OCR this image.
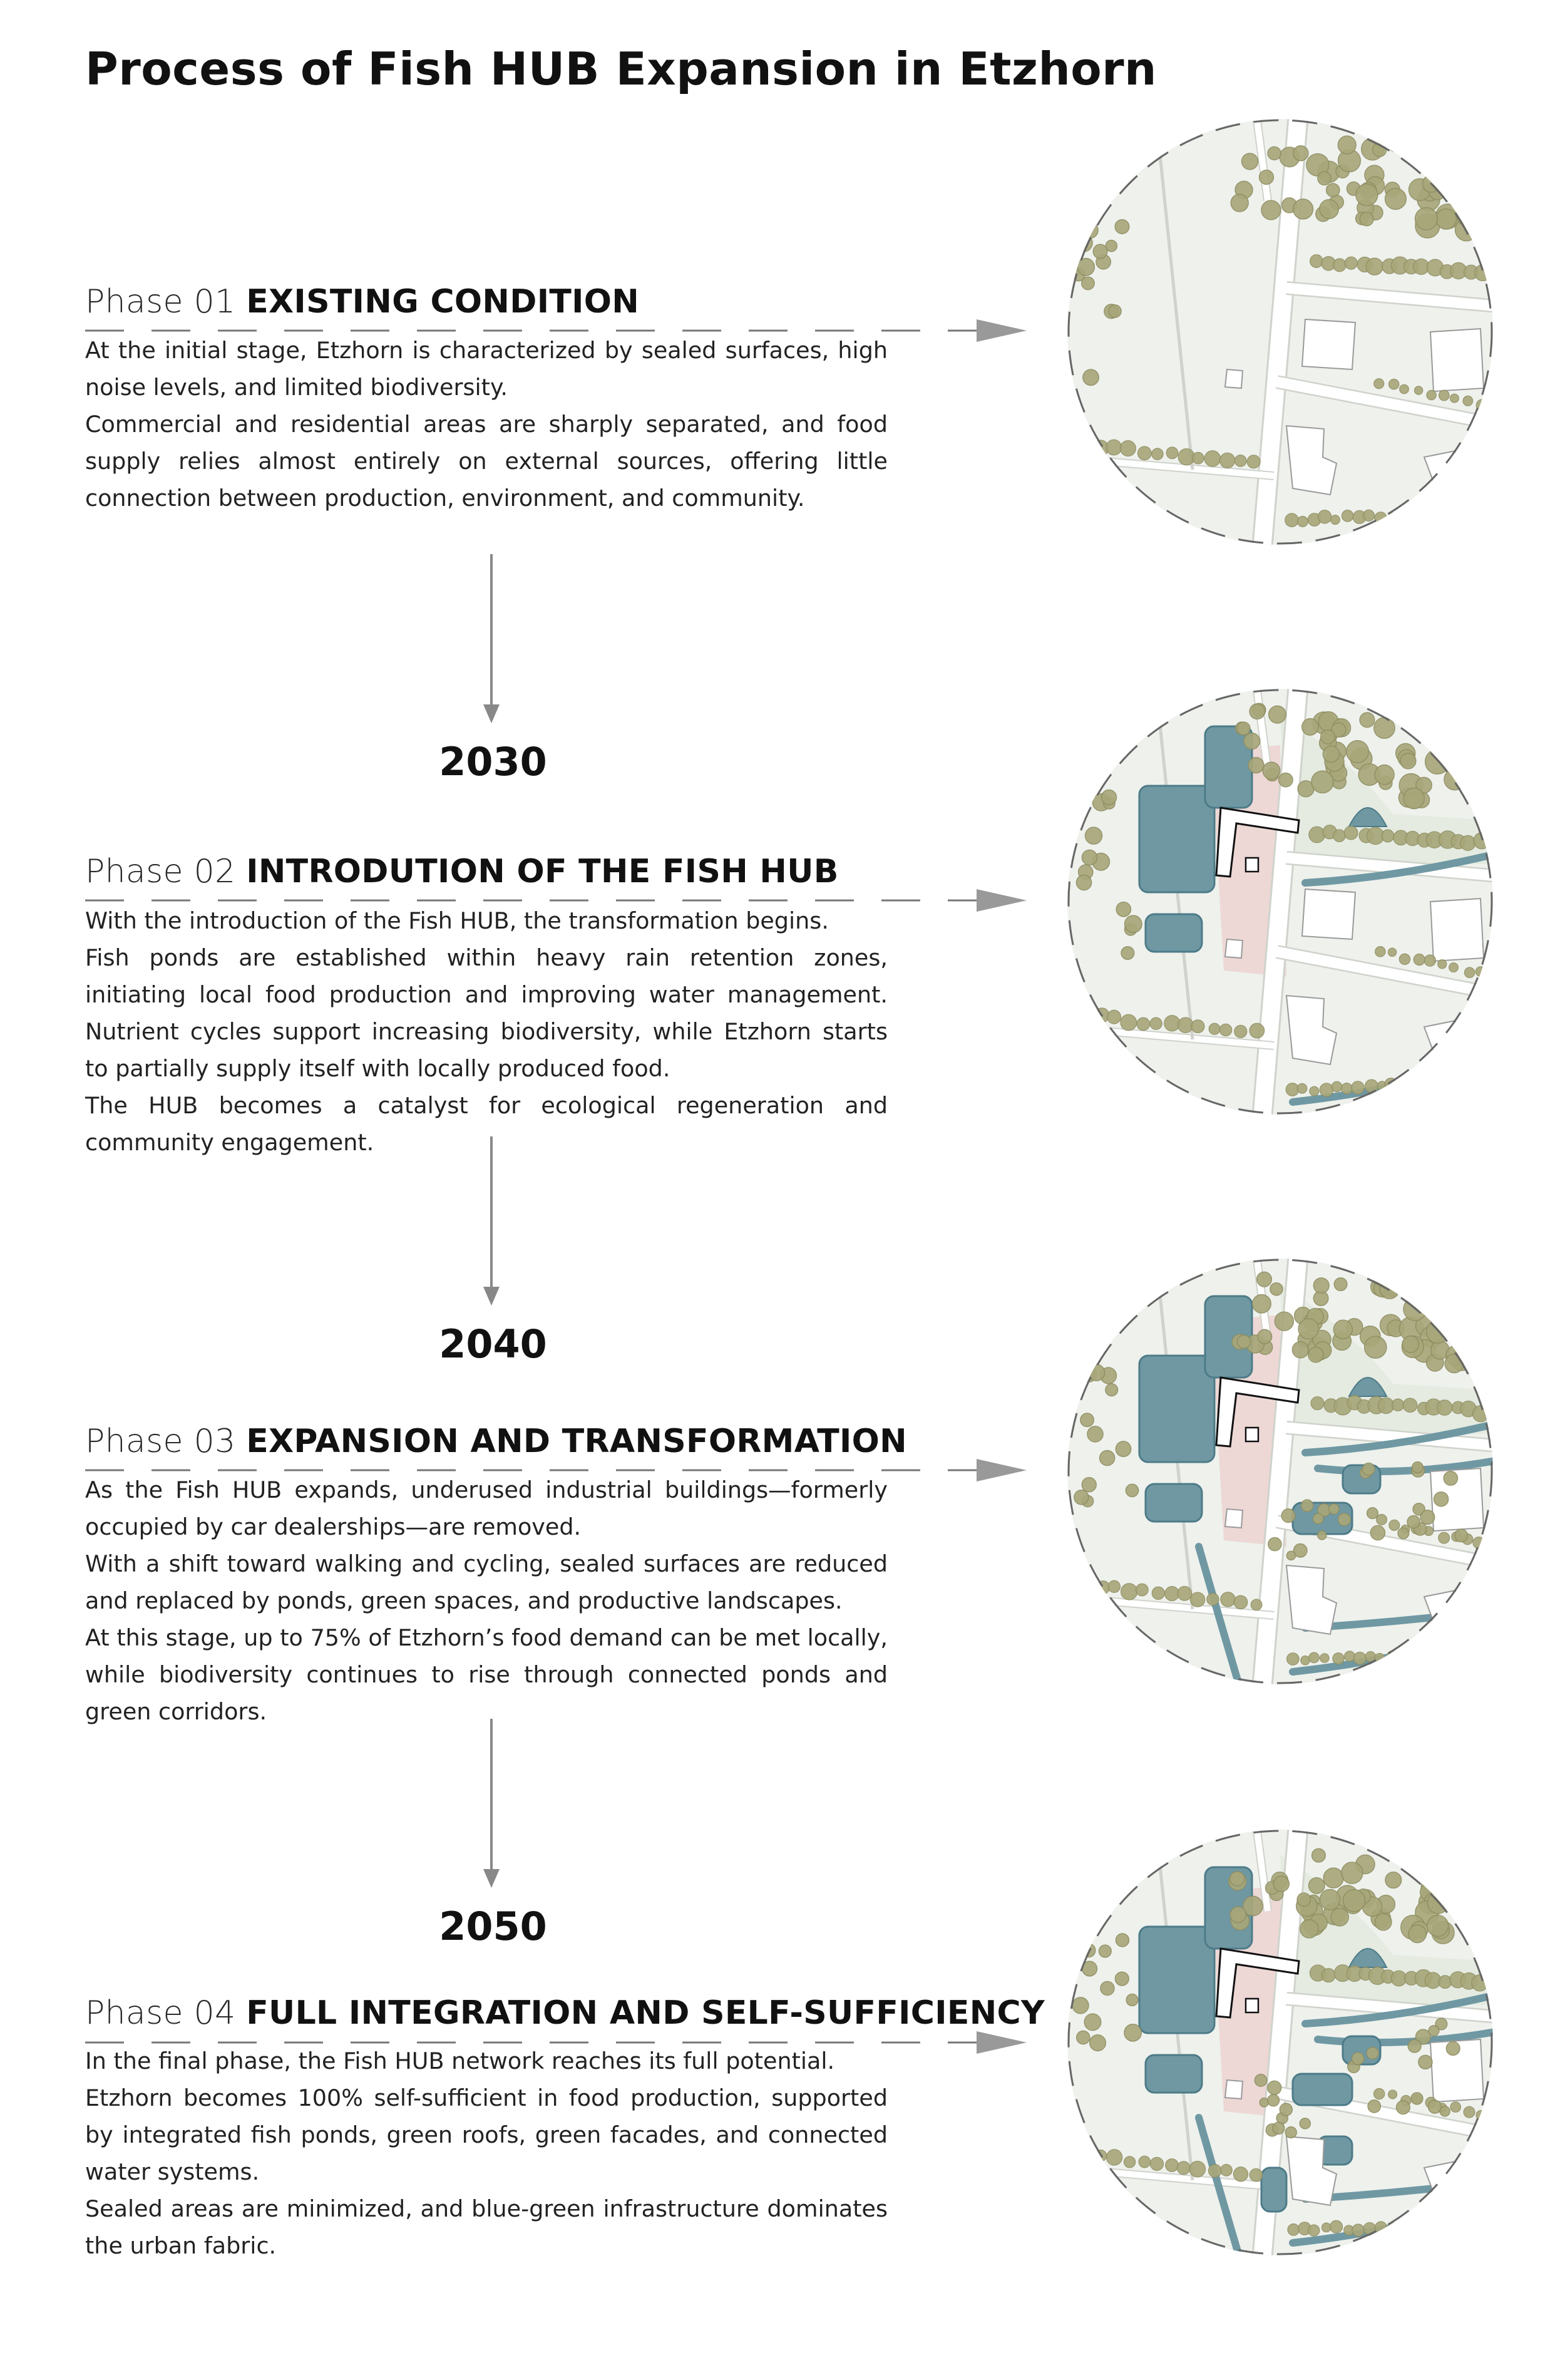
Process of Fish HUB Expansion in Etzhorn
2030
2040
2050
Phase 01 EXISTING CONDITION

At the initial stage, Etzhorn is characterized by sealed surfaces, high noise levels, and limited biodiversity.

Commercial and residential areas are sharply separated, and food supply relies almost entirely on external sources, offering little connection between production, environment, and community.

Phase 02 INTRODUTION OF THE FISH HUB

With the introduction of the Fish HUB, the transformation begins.

Fish ponds are established within heavy rain retention zones, initiating local food production and improving water management. Nutrient cycles support increasing biodiversity, while Etzhorn starts to partially supply itself with locally produced food.

The HUB becomes a catalyst for ecological regeneration and community engagement.

Phase 03 EXPANSION AND TRANSFORMATION

As the Fish HUB expands, underused industrial buildings—formerly occupied by car dealerships—are removed.

With a shift toward walking and cycling, sealed surfaces are reduced and replaced by ponds, green spaces, and productive landscapes.

At this stage, up to 75% of Etzhorn’s food demand can be met locally, while biodiversity continues to rise through connected ponds and green corridors.

Phase 04 FULL INTEGRATION AND SELF-SUFFICIENCY

In the final phase, the Fish HUB network reaches its full potential.

Etzhorn becomes 100% self-sufficient in food production, supported by integrated fish ponds, green roofs, green facades, and connected water systems.

Sealed areas are minimized, and blue-green infrastructure dominates the urban fabric.
